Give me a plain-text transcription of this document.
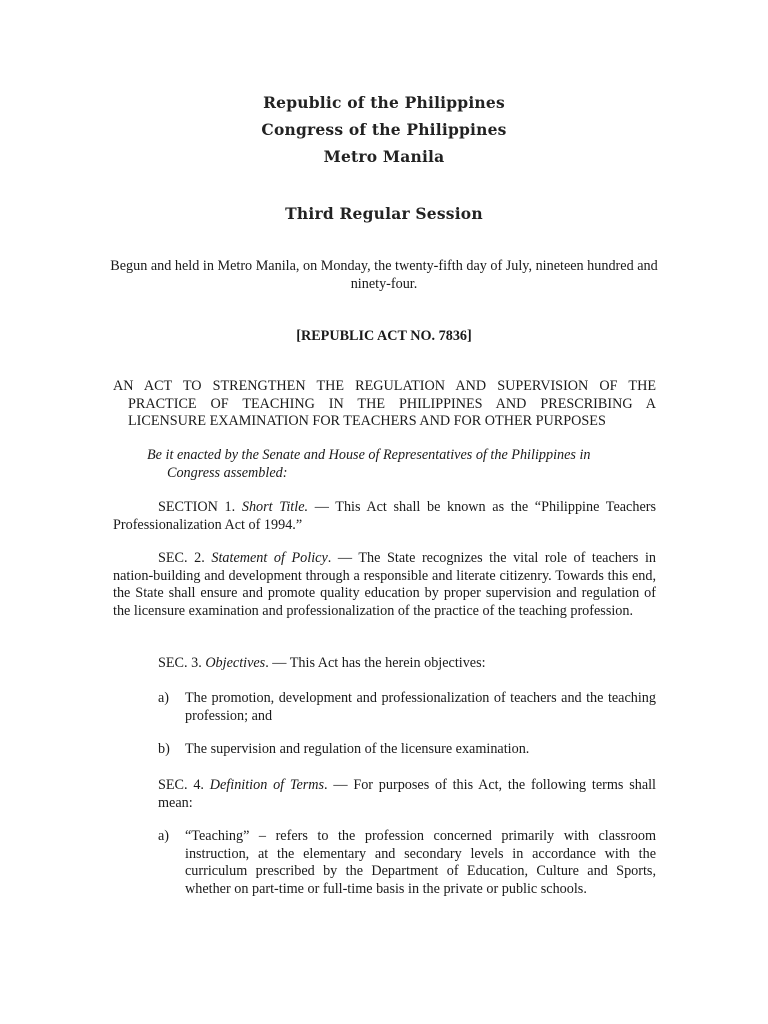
Republic of the Philippines
Congress of the Philippines
Metro Manila
Third Regular Session
Begun and held in Metro Manila, on Monday, the twenty-fifth day of July, nineteen hundred and ninety-four.
[REPUBLIC ACT NO. 7836]
AN ACT TO STRENGTHEN THE REGULATION AND SUPERVISION OF THE
PRACTICE OF TEACHING IN THE PHILIPPINES AND PRESCRIBING A
LICENSURE EXAMINATION FOR TEACHERS AND FOR OTHER PURPOSES
Be it enacted by the Senate and House of Representatives of the Philippines in
Congress assembled:
SECTION 1. Short Title. — This Act shall be known as the “Philippine Teachers Professionalization Act of 1994.”
SEC. 2. Statement of Policy. — The State recognizes the vital role of teachers in nation-building and development through a responsible and literate citizenry. Towards this end, the State shall ensure and promote quality education by proper supervision and regulation of the licensure examination and professionalization of the practice of the teaching profession.
SEC. 3. Objectives. — This Act has the herein objectives:
a)	The promotion, development and professionalization of teachers and the teaching profession; and
b)	The supervision and regulation of the licensure examination.
SEC. 4. Definition of Terms. — For purposes of this Act, the following terms shall mean:
a)	“Teaching” – refers to the profession concerned primarily with classroom instruction, at the elementary and secondary levels in accordance with the curriculum prescribed by the Department of Education, Culture and Sports, whether on part-time or full-time basis in the private or public schools.
